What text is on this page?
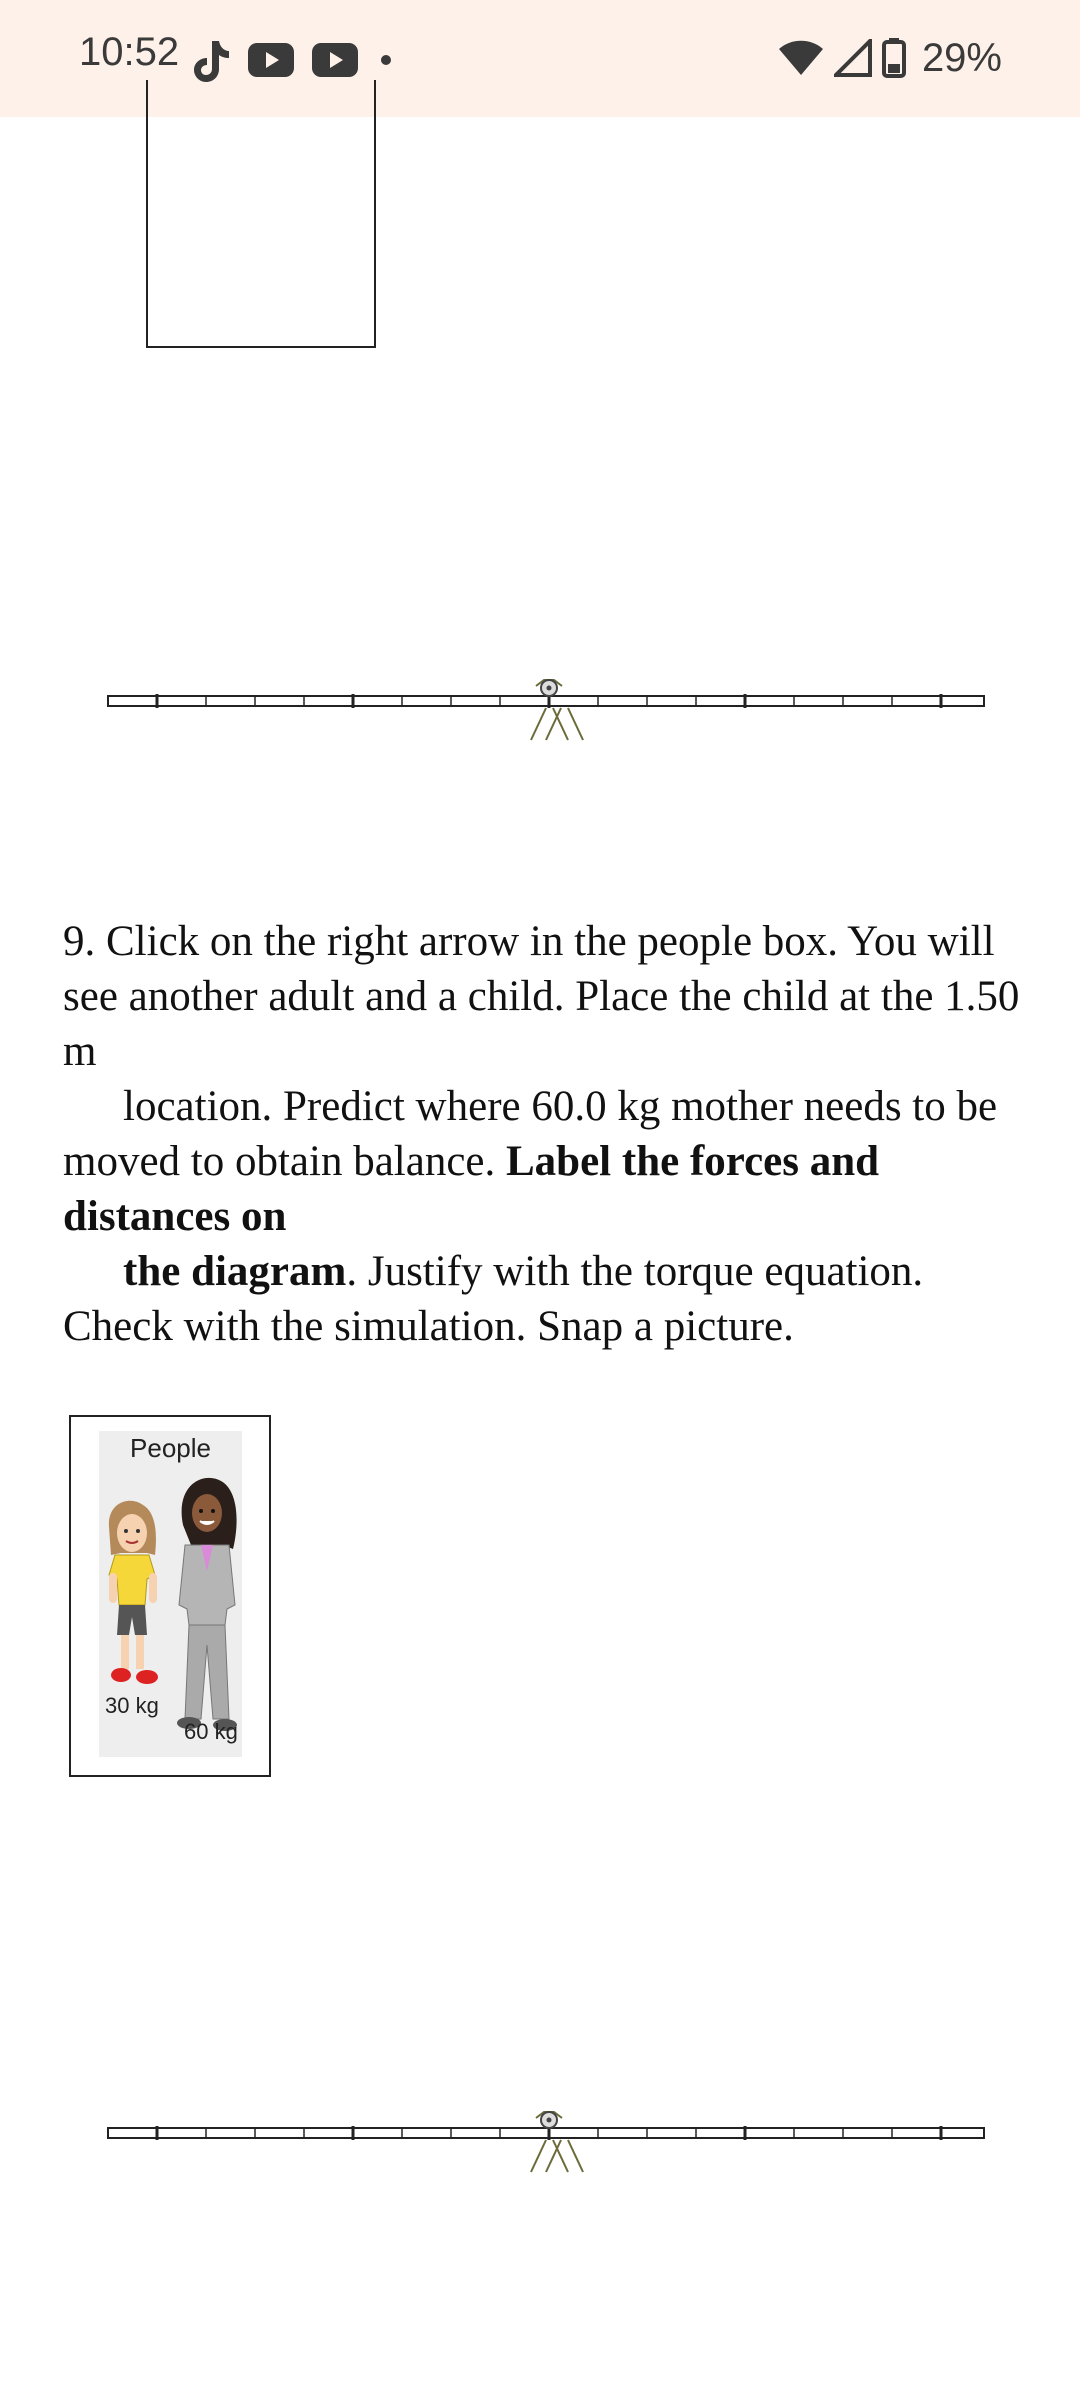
10:52	29%
9. Click on the right arrow in the people box. You will see another adult and a child. Place the child at the 1.50 m
location. Predict where 60.0 kg mother needs to be moved to obtain balance. Label the forces and distances on
the diagram. Justify with the torque equation. Check with the simulation. Snap a picture.
People
30 kg
60 kg
